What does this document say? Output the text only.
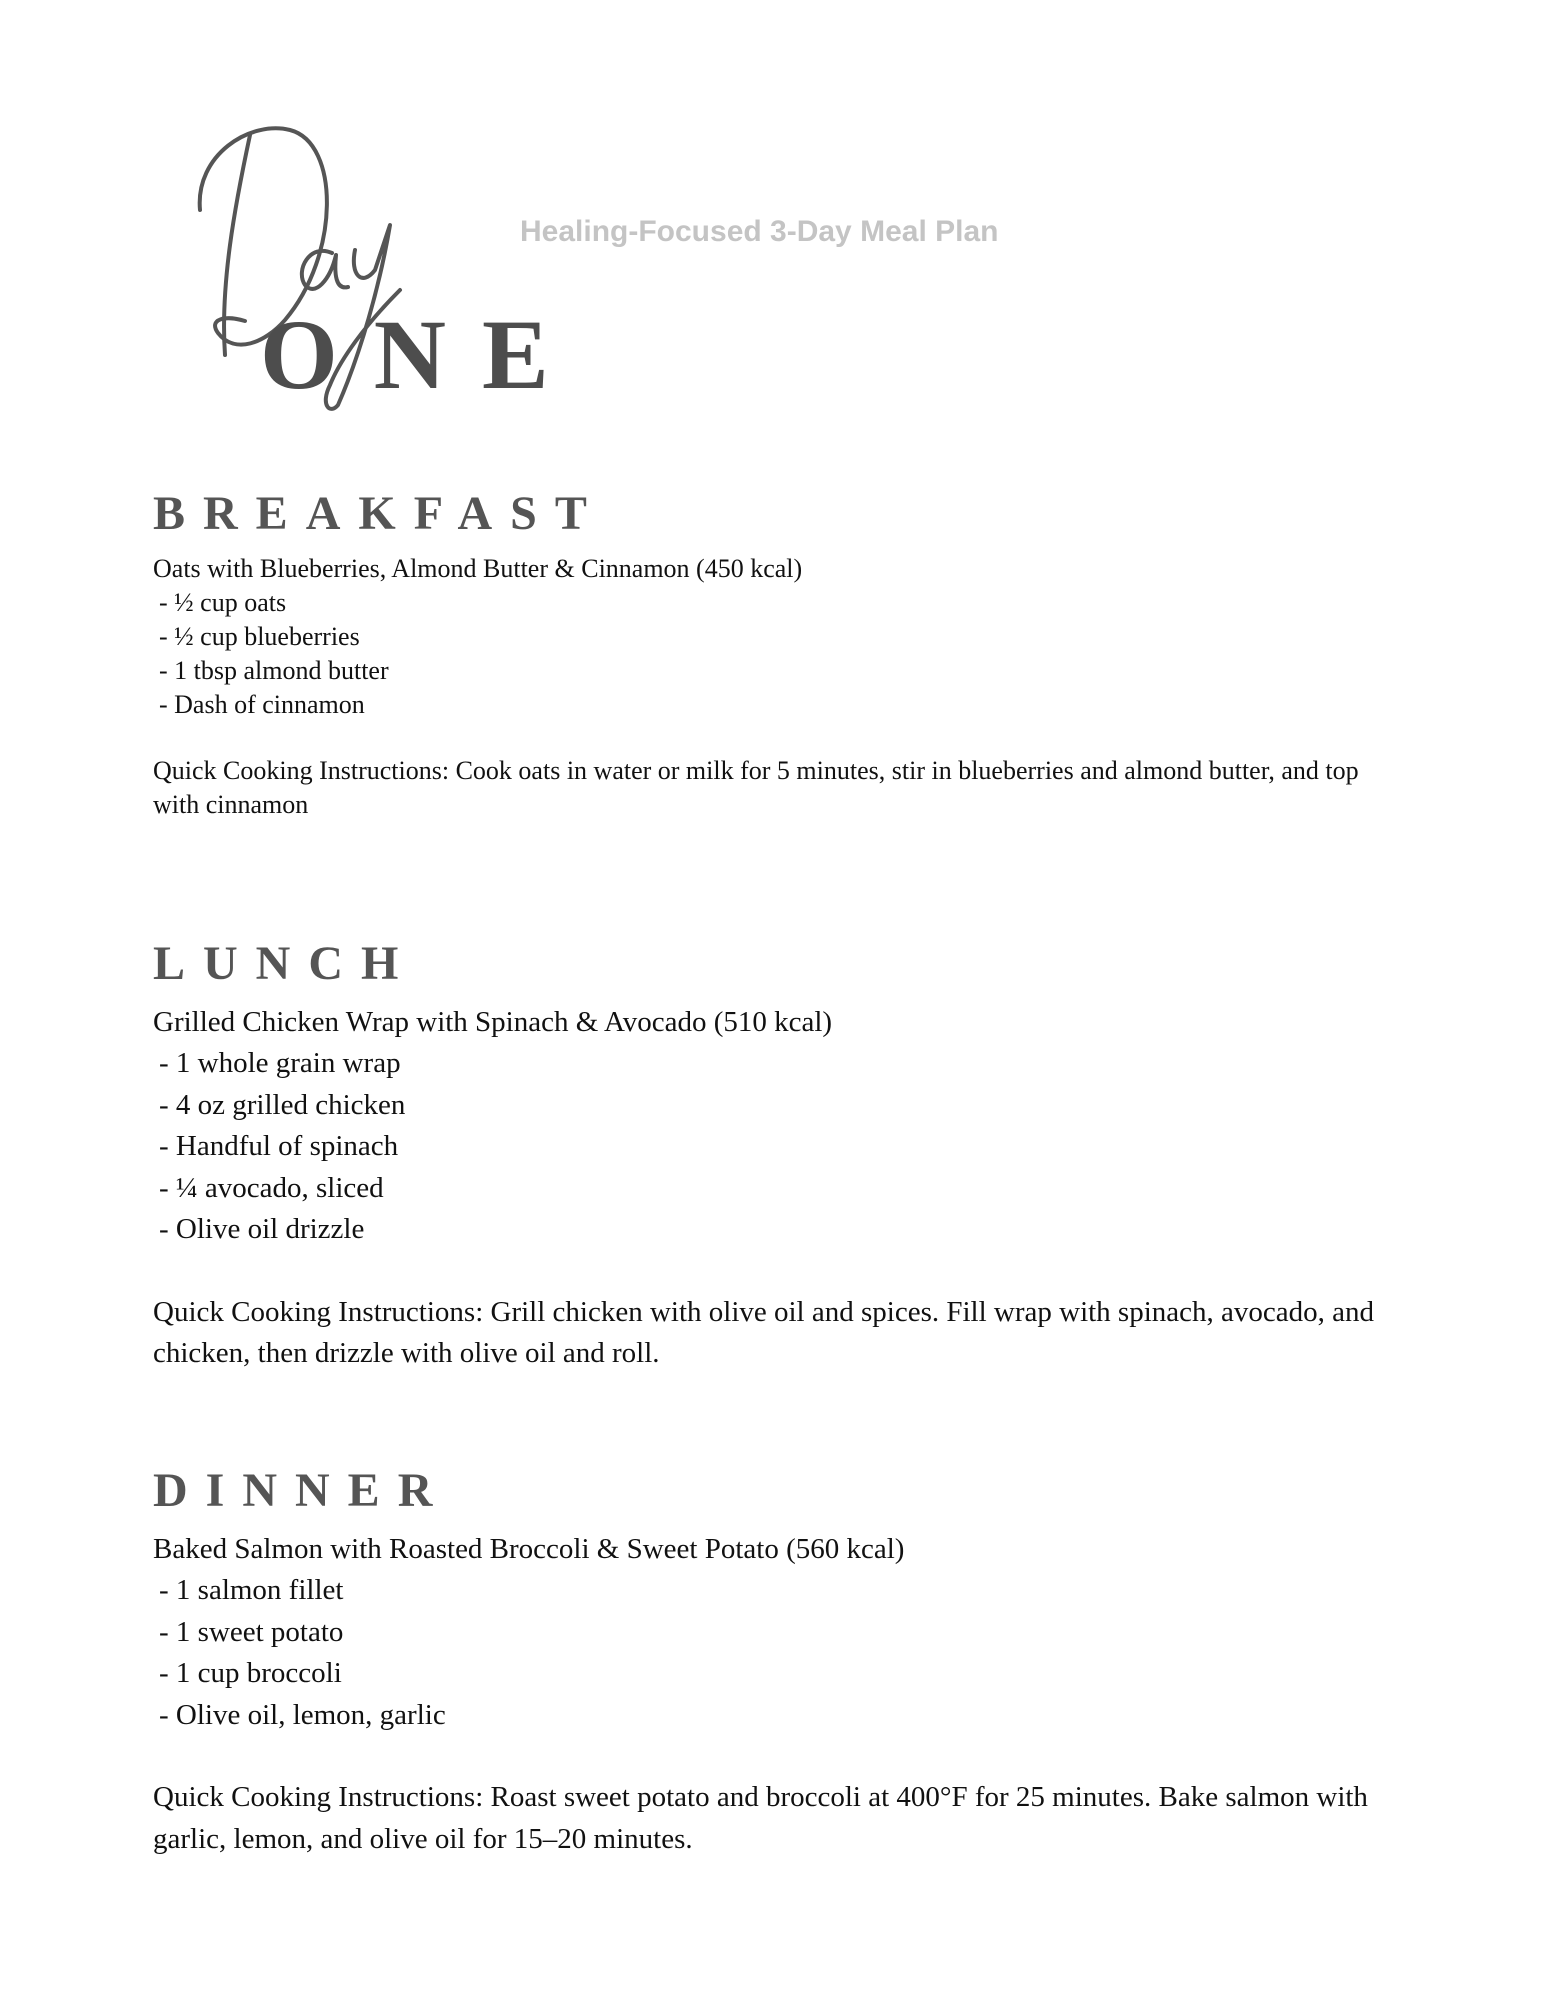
ONE

Healing-Focused 3-Day Meal Plan

BREAKFAST

Oats with Blueberries, Almond Butter & Cinnamon (450 kcal)

- ½ cup oats
- ½ cup blueberries
- 1 tbsp almond butter
- Dash of cinnamon

Quick Cooking Instructions: Cook oats in water or milk for 5 minutes, stir in blueberries and almond butter, and top with cinnamon

LUNCH

Grilled Chicken Wrap with Spinach & Avocado (510 kcal)

- 1 whole grain wrap
- 4 oz grilled chicken
- Handful of spinach
- ¼ avocado, sliced
- Olive oil drizzle

Quick Cooking Instructions: Grill chicken with olive oil and spices. Fill wrap with spinach, avocado, and chicken, then drizzle with olive oil and roll.

DINNER

Baked Salmon with Roasted Broccoli & Sweet Potato (560 kcal)

- 1 salmon fillet
- 1 sweet potato
- 1 cup broccoli
- Olive oil, lemon, garlic

Quick Cooking Instructions: Roast sweet potato and broccoli at 400°F for 25 minutes. Bake salmon with garlic, lemon, and olive oil for 15–20 minutes.
